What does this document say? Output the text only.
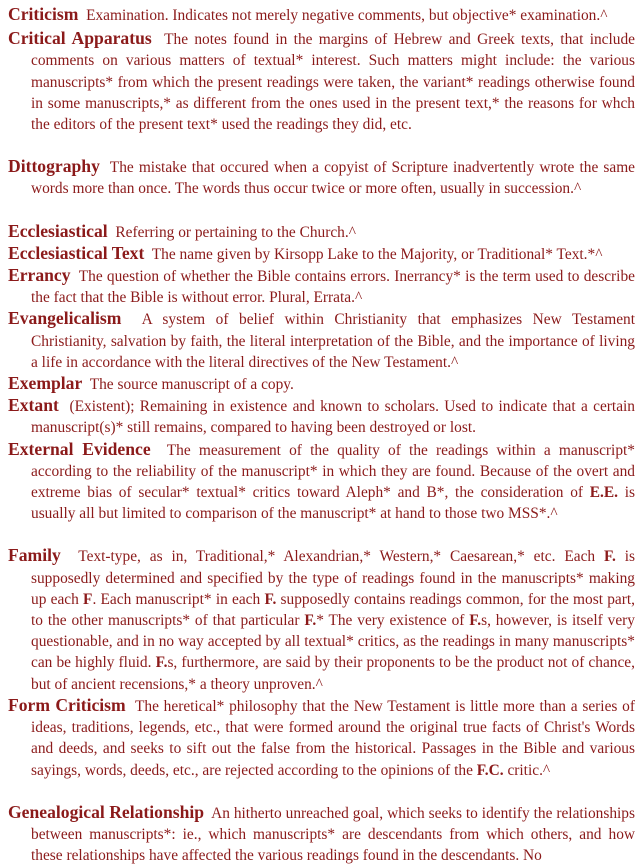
Criticism Examination. Indicates not merely negative comments, but objective* examination.^

Critical Apparatus The notes found in the margins of Hebrew and Greek texts, that include comments on various matters of textual* interest. Such matters might include: the various manuscripts* from which the present readings were taken, the variant* readings otherwise found in some manuscripts,* as different from the ones used in the present text,* the reasons for whch the editors of the present text* used the readings they did, etc.

Dittography The mistake that occured when a copyist of Scripture inadvertently wrote the same words more than once. The words thus occur twice or more often, usually in succession.^

Ecclesiastical Referring or pertaining to the Church.^

Ecclesiastical Text The name given by Kirsopp Lake to the Majority, or Traditional* Text.*^

Errancy The question of whether the Bible contains errors. Inerrancy* is the term used to describe the fact that the Bible is without error. Plural, Errata.^

Evangelicalism A system of belief within Christianity that emphasizes New Testament Christianity, salvation by faith, the literal interpretation of the Bible, and the importance of living a life in accordance with the literal directives of the New Testament.^

Exemplar The source manuscript of a copy.

Extant (Existent); Remaining in existence and known to scholars. Used to indicate that a certain manuscript(s)* still remains, compared to having been destroyed or lost.

External Evidence The measurement of the quality of the readings within a manuscript* according to the reliability of the manuscript* in which they are found. Because of the overt and extreme bias of secular* textual* critics toward Aleph* and B*, the consideration of E.E. is usually all but limited to comparison of the manuscript* at hand to those two MSS*.^

Family Text-type, as in, Traditional,* Alexandrian,* Western,* Caesarean,* etc. Each F. is supposedly determined and specified by the type of readings found in the manuscripts* making up each F. Each manuscript* in each F. supposedly contains readings common, for the most part, to the other manuscripts* of that particular F.* The very existence of F.s, however, is itself very questionable, and in no way accepted by all textual* critics, as the readings in many manuscripts* can be highly fluid. F.s, furthermore, are said by their proponents to be the product not of chance, but of ancient recensions,* a theory unproven.^

Form Criticism The heretical* philosophy that the New Testament is little more than a series of ideas, traditions, legends, etc., that were formed around the original true facts of Christ's Words and deeds, and seeks to sift out the false from the historical. Passages in the Bible and various sayings, words, deeds, etc., are rejected according to the opinions of the F.C. critic.^

Genealogical Relationship An hitherto unreached goal, which seeks to identify the relationships between manuscripts*: ie., which manuscripts* are descendants from which others, and how these relationships have affected the various readings found in the descendants. No
